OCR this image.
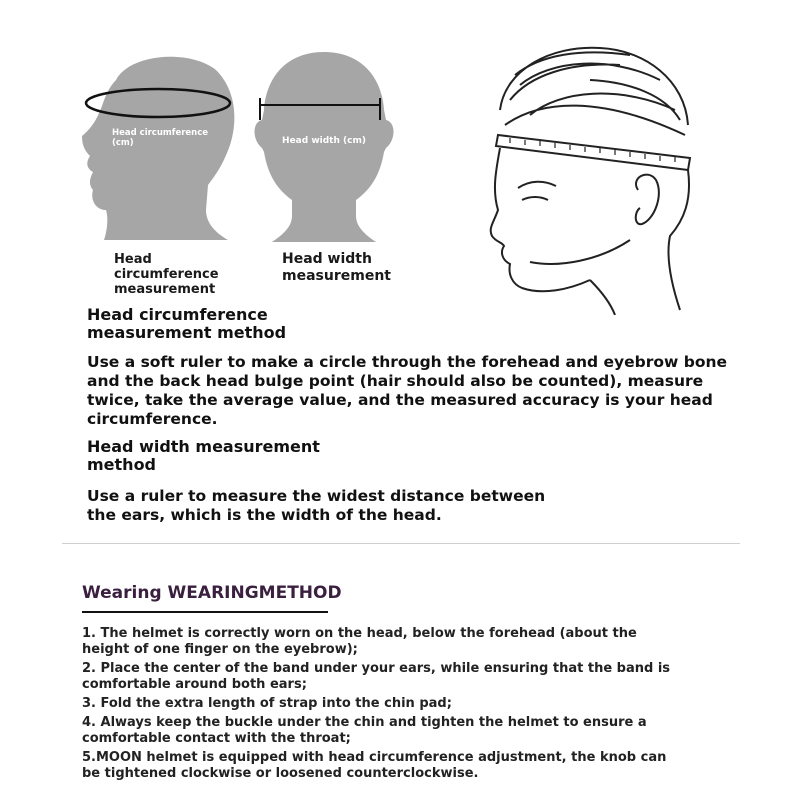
Head circumference (cm)	Head width (cm)
Head circumference measurement
Head width measurement
Head circumference measurement method
Use a soft ruler to make a circle through the forehead and eyebrow bone and the back head bulge point (hair should also be counted), measure twice, take the average value, and the measured accuracy is your head circumference.
Head width measurement method
Use a ruler to measure the widest distance between the ears, which is the width of the head.
Wearing WEARINGMETHOD
1. The helmet is correctly worn on the head, below the forehead (about the height of one finger on the eyebrow);
2. Place the center of the band under your ears, while ensuring that the band is comfortable around both ears;
3. Fold the extra length of strap into the chin pad;
4. Always keep the buckle under the chin and tighten the helmet to ensure a comfortable contact with the throat;
5.MOON helmet is equipped with head circumference adjustment, the knob can be tightened clockwise or loosened counterclockwise.
